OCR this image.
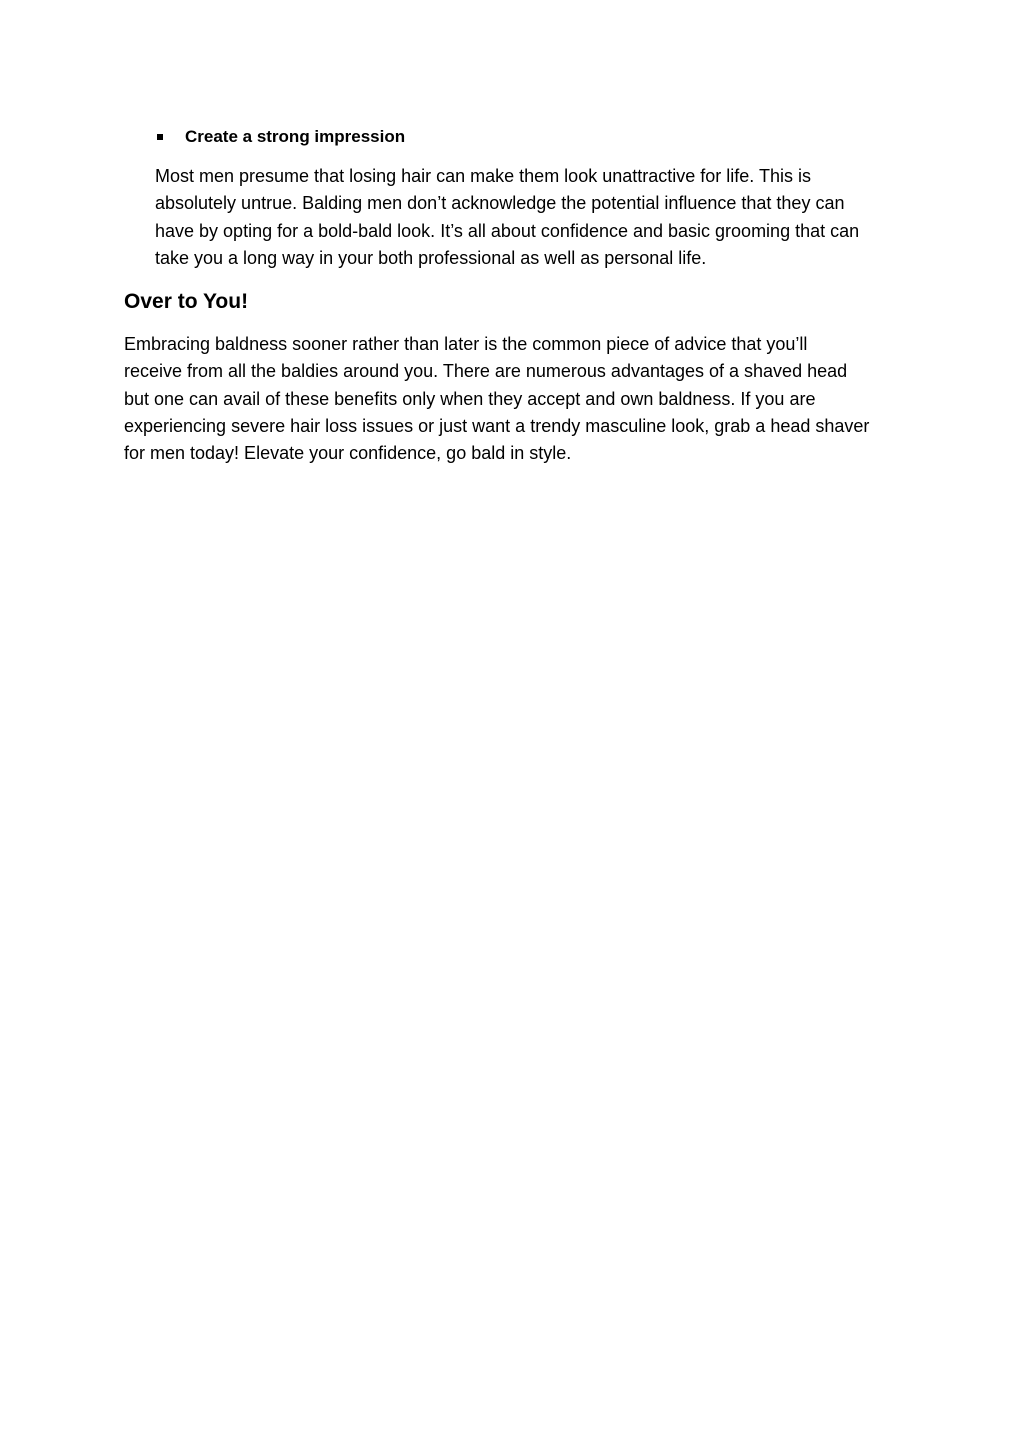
Create a strong impression

Most men presume that losing hair can make them look unattractive for life. This is
absolutely untrue. Balding men don’t acknowledge the potential influence that they can
have by opting for a bold-bald look. It’s all about confidence and basic grooming that can
take you a long way in your both professional as well as personal life.

Over to You!

Embracing baldness sooner rather than later is the common piece of advice that you’ll
receive from all the baldies around you. There are numerous advantages of a shaved head
but one can avail of these benefits only when they accept and own baldness. If you are
experiencing severe hair loss issues or just want a trendy masculine look, grab a head shaver
for men today! Elevate your confidence, go bald in style.
